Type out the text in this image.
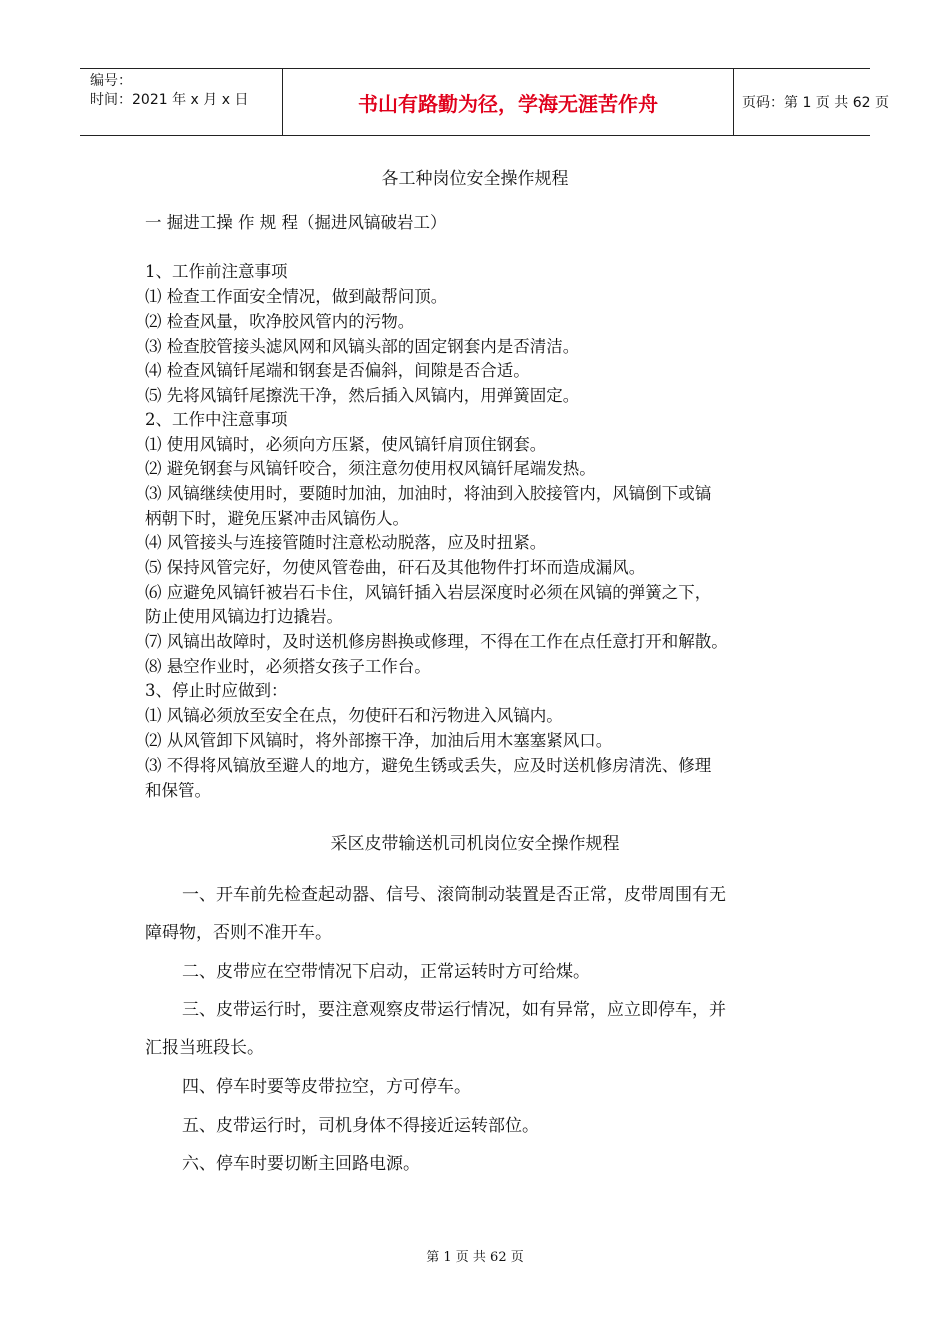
编号：
时间：2021 年 x 月 x 日	书山有路勤为径，学海无涯苦作舟	页码：第 1 页 共 62 页
各工种岗位安全操作规程
一 掘进工操 作 规 程（掘进风镐破岩工）
1、工作前注意事项
⑴ 检查工作面安全情况，做到敲帮问顶。
⑵ 检查风量，吹净胶风管内的污物。
⑶ 检查胶管接头滤风网和风镐头部的固定钢套内是否清洁。
⑷ 检查风镐钎尾端和钢套是否偏斜，间隙是否合适。
⑸ 先将风镐钎尾擦洗干净，然后插入风镐内，用弹簧固定。
2、工作中注意事项
⑴ 使用风镐时，必须向方压紧，使风镐钎肩顶住钢套。
⑵ 避免钢套与风镐钎咬合，须注意勿使用权风镐钎尾端发热。
⑶ 风镐继续使用时，要随时加油，加油时，将油到入胶接管内，风镐倒下或镐
柄朝下时，避免压紧冲击风镐伤人。
⑷ 风管接头与连接管随时注意松动脱落，应及时扭紧。
⑸ 保持风管完好，勿使风管卷曲，矸石及其他物件打坏而造成漏风。
⑹ 应避免风镐钎被岩石卡住，风镐钎插入岩层深度时必须在风镐的弹簧之下，
防止使用风镐边打边撬岩。
⑺ 风镐出故障时，及时送机修房斟换或修理，不得在工作在点任意打开和解散。
⑻ 悬空作业时，必须搭女孩子工作台。
3、停止时应做到：
⑴ 风镐必须放至安全在点，勿使矸石和污物进入风镐内。
⑵ 从风管卸下风镐时，将外部擦干净，加油后用木塞塞紧风口。
⑶ 不得将风镐放至避人的地方，避免生锈或丢失，应及时送机修房清洗、修理
和保管。
采区皮带输送机司机岗位安全操作规程
一、开车前先检查起动器、信号、滚筒制动装置是否正常，皮带周围有无
障碍物，否则不准开车。
二、皮带应在空带情况下启动，正常运转时方可给煤。
三、皮带运行时，要注意观察皮带运行情况，如有异常，应立即停车，并
汇报当班段长。
四、停车时要等皮带拉空，方可停车。
五、皮带运行时，司机身体不得接近运转部位。
六、停车时要切断主回路电源。
第 1 页 共 62 页
